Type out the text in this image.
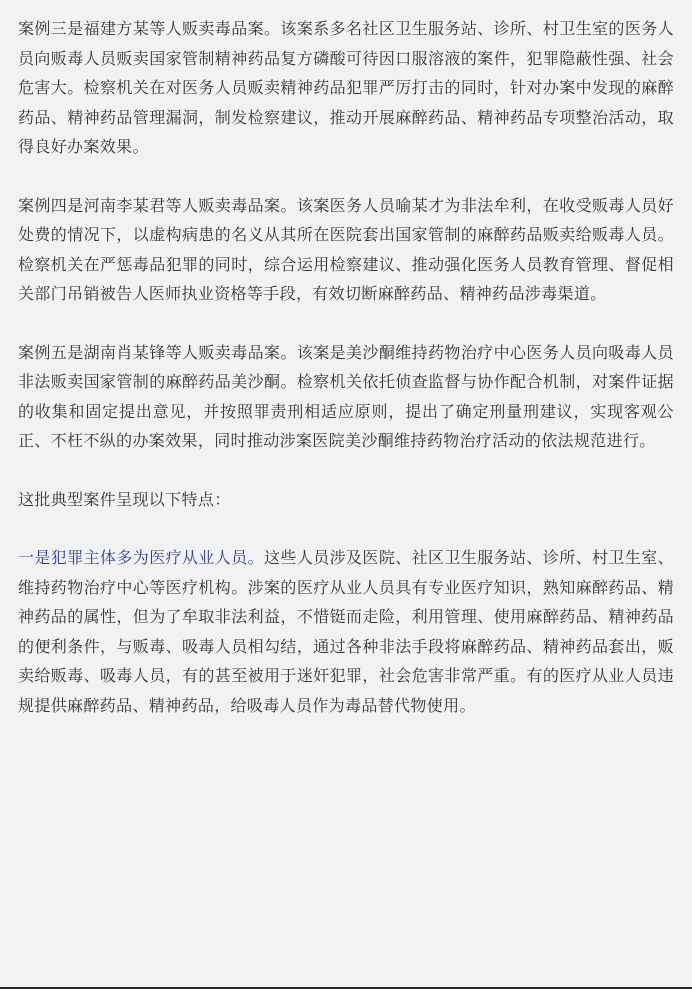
案例三是福建方某等人贩卖毒品案。该案系多名社区卫生服务站、诊所、村卫生室的医务人员向贩毒人员贩卖国家管制精神药品复方磷酸可待因口服溶液的案件，犯罪隐蔽性强、社会危害大。检察机关在对医务人员贩卖精神药品犯罪严厉打击的同时，针对办案中发现的麻醉药品、精神药品管理漏洞，制发检察建议，推动开展麻醉药品、精神药品专项整治活动，取得良好办案效果。

案例四是河南李某君等人贩卖毒品案。该案医务人员喻某才为非法牟利，在收受贩毒人员好处费的情况下，以虚构病患的名义从其所在医院套出国家管制的麻醉药品贩卖给贩毒人员。检察机关在严惩毒品犯罪的同时，综合运用检察建议、推动强化医务人员教育管理、督促相关部门吊销被告人医师执业资格等手段，有效切断麻醉药品、精神药品涉毒渠道。

案例五是湖南肖某锋等人贩卖毒品案。该案是美沙酮维持药物治疗中心医务人员向吸毒人员非法贩卖国家管制的麻醉药品美沙酮。检察机关依托侦查监督与协作配合机制，对案件证据的收集和固定提出意见，并按照罪责刑相适应原则，提出了确定刑量刑建议，实现客观公正、不枉不纵的办案效果，同时推动涉案医院美沙酮维持药物治疗活动的依法规范进行。

这批典型案件呈现以下特点：

一是犯罪主体多为医疗从业人员。这些人员涉及医院、社区卫生服务站、诊所、村卫生室、维持药物治疗中心等医疗机构。涉案的医疗从业人员具有专业医疗知识，熟知麻醉药品、精神药品的属性，但为了牟取非法利益，不惜铤而走险，利用管理、使用麻醉药品、精神药品的便利条件，与贩毒、吸毒人员相勾结，通过各种非法手段将麻醉药品、精神药品套出，贩卖给贩毒、吸毒人员，有的甚至被用于迷奸犯罪，社会危害非常严重。有的医疗从业人员违规提供麻醉药品、精神药品，给吸毒人员作为毒品替代物使用。
